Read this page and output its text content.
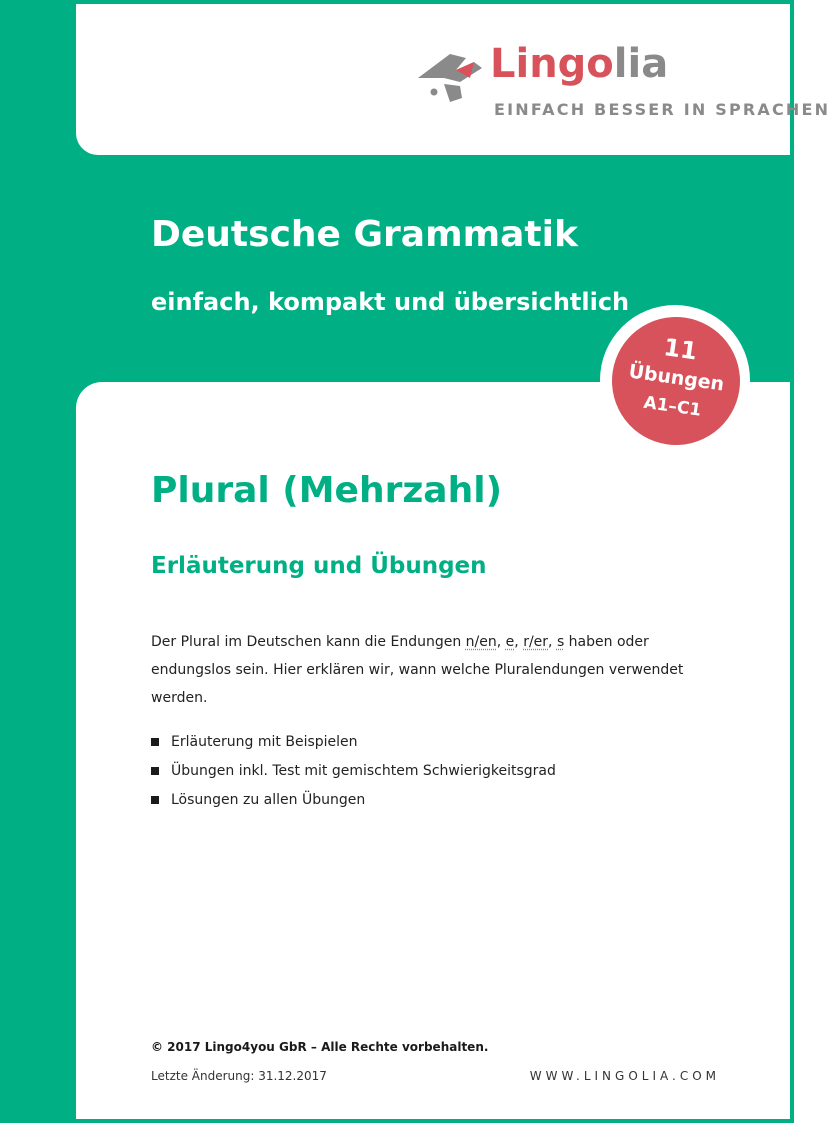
Lingolia
EINFACH BESSER IN SPRACHEN
Deutsche Grammatik
einfach, kompakt und übersichtlich
11
Übungen
A1–C1
Plural (Mehrzahl)
Erläuterung und Übungen

Der Plural im Deutschen kann die Endungen n/en, e, r/er, s haben oder endungslos sein. Hier erklären wir, wann welche Pluralendungen verwendet werden.

Erläuterung mit Beispielen
Übungen inkl. Test mit gemischtem Schwierigkeitsgrad
Lösungen zu allen Übungen
© 2017 Lingo4you GbR – Alle Rechte vorbehalten.
Letzte Änderung: 31.12.2017	WWW.LINGOLIA.COM
